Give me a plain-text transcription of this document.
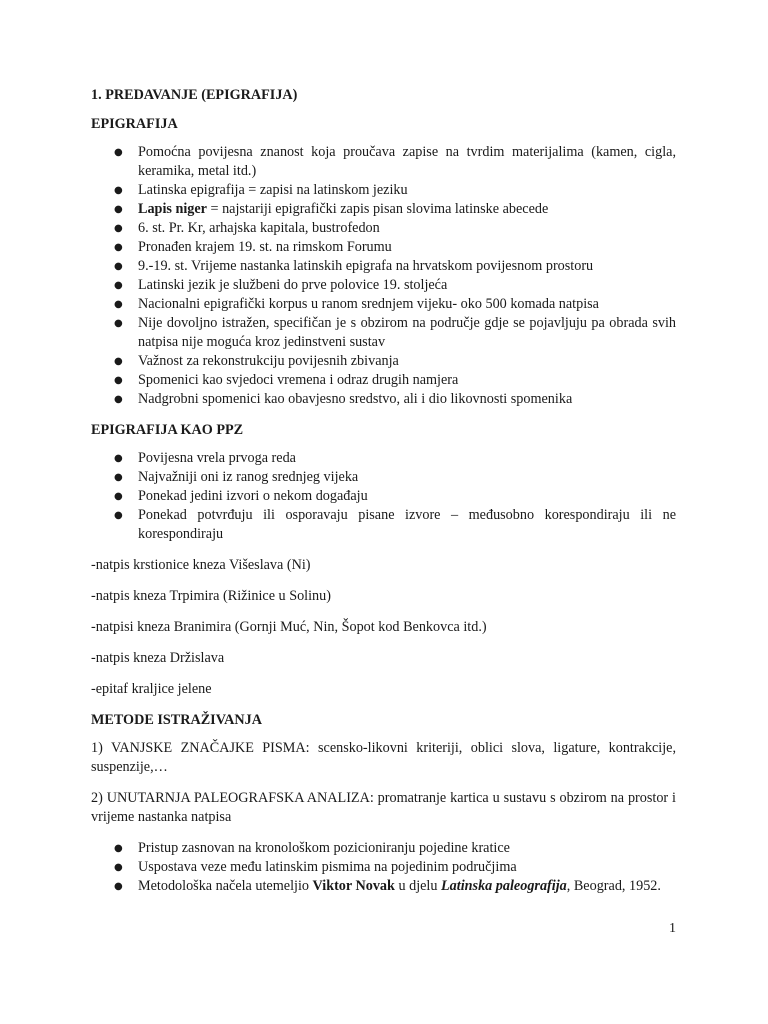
1. PREDAVANJE (EPIGRAFIJA)

EPIGRAFIJA

● Pomoćna povijesna znanost koja proučava zapise na tvrdim materijalima (kamen, cigla, keramika, metal itd.)
● Latinska epigrafija = zapisi na latinskom jeziku
● Lapis niger = najstariji epigrafički zapis pisan slovima latinske abecede
● 6. st. Pr. Kr, arhajska kapitala, bustrofedon
● Pronađen krajem 19. st. na rimskom Forumu
● 9.-19. st. Vrijeme nastanka latinskih epigrafa na hrvatskom povijesnom prostoru
● Latinski jezik je službeni do prve polovice 19. stoljeća
● Nacionalni epigrafički korpus u ranom srednjem vijeku- oko 500 komada natpisa
● Nije dovoljno istražen, specifičan je s obzirom na područje gdje se pojavljuju pa obrada svih natpisa nije moguća kroz jedinstveni sustav
● Važnost za rekonstrukciju povijesnih zbivanja
● Spomenici kao svjedoci vremena i odraz drugih namjera
● Nadgrobni spomenici kao obavjesno sredstvo, ali i dio likovnosti spomenika

EPIGRAFIJA KAO PPZ

● Povijesna vrela prvoga reda
● Najvažniji oni iz ranog srednjeg vijeka
● Ponekad jedini izvori o nekom događaju
● Ponekad potvrđuju ili osporavaju pisane izvore – međusobno korespondiraju ili ne korespondiraju

-natpis krstionice kneza Višeslava (Ni)

-natpis kneza Trpimira (Rižinice u Solinu)

-natpisi kneza Branimira (Gornji Muć, Nin, Šopot kod Benkovca itd.)

-natpis kneza Držislava

-epitaf kraljice jelene

METODE ISTRAŽIVANJA

1) VANJSKE ZNAČAJKE PISMA: scensko-likovni kriteriji, oblici slova, ligature, kontrakcije, suspenzije,…

2) UNUTARNJA PALEOGRAFSKA ANALIZA: promatranje kartica u sustavu s obzirom na prostor i vrijeme nastanka natpisa

● Pristup zasnovan na kronološkom pozicioniranju pojedine kratice
● Uspostava veze među latinskim pismima na pojedinim područjima
● Metodološka načela utemeljio Viktor Novak u djelu Latinska paleografija, Beograd, 1952.
1
